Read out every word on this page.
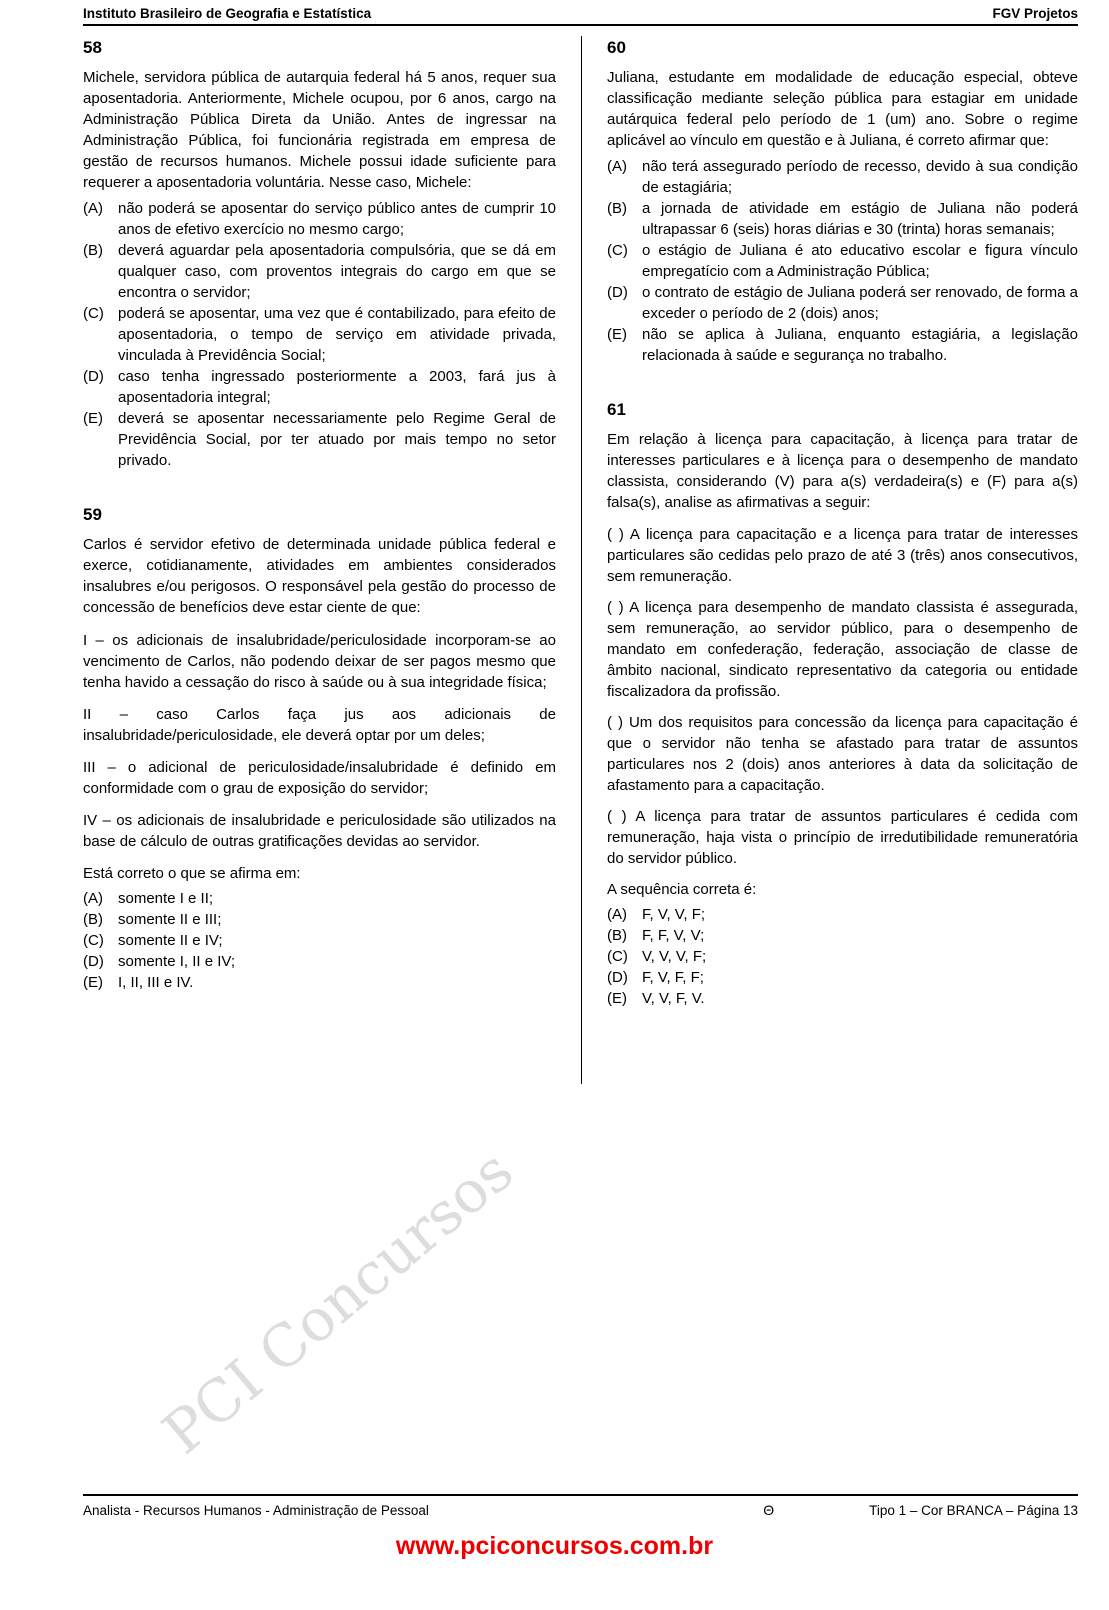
Instituto Brasileiro de Geografia e Estatística	FGV Projetos
58
Michele, servidora pública de autarquia federal há 5 anos, requer sua aposentadoria. Anteriormente, Michele ocupou, por 6 anos, cargo na Administração Pública Direta da União. Antes de ingressar na Administração Pública, foi funcionária registrada em empresa de gestão de recursos humanos. Michele possui idade suficiente para requerer a aposentadoria voluntária. Nesse caso, Michele:
(A)	não poderá se aposentar do serviço público antes de cumprir 10 anos de efetivo exercício no mesmo cargo;
(B)	deverá aguardar pela aposentadoria compulsória, que se dá em qualquer caso, com proventos integrais do cargo em que se encontra o servidor;
(C) poderá se aposentar, uma vez que é contabilizado, para efeito de aposentadoria, o tempo de serviço em atividade privada, vinculada à Previdência Social;
(D) caso tenha ingressado posteriormente a 2003, fará jus à aposentadoria integral;
(E)	deverá se aposentar necessariamente pelo Regime Geral de Previdência Social, por ter atuado por mais tempo no setor privado.
59
Carlos é servidor efetivo de determinada unidade pública federal e exerce, cotidianamente, atividades em ambientes considerados insalubres e/ou perigosos. O responsável pela gestão do processo de concessão de benefícios deve estar ciente de que:
I – os adicionais de insalubridade/periculosidade incorporam-se ao vencimento de Carlos, não podendo deixar de ser pagos mesmo que tenha havido a cessação do risco à saúde ou à sua integridade física;
II – caso Carlos faça jus aos adicionais de insalubridade/periculosidade, ele deverá optar por um deles;
III – o adicional de periculosidade/insalubridade é definido em conformidade com o grau de exposição do servidor;
IV – os adicionais de insalubridade e periculosidade são utilizados na base de cálculo de outras gratificações devidas ao servidor.
Está correto o que se afirma em:
(A)	somente I e II;
(B)	somente II e III;
(C) somente II e IV;
(D) somente I, II e IV;
(E)	I, II, III e IV.
60
Juliana, estudante em modalidade de educação especial, obteve classificação mediante seleção pública para estagiar em unidade autárquica federal pelo período de 1 (um) ano. Sobre o regime aplicável ao vínculo em questão e à Juliana, é correto afirmar que:
(A)	não terá assegurado período de recesso, devido à sua condição de estagiária;
(B)	a jornada de atividade em estágio de Juliana não poderá ultrapassar 6 (seis) horas diárias e 30 (trinta) horas semanais;
(C) o estágio de Juliana é ato educativo escolar e figura vínculo empregatício com a Administração Pública;
(D) o contrato de estágio de Juliana poderá ser renovado, de forma a exceder o período de 2 (dois) anos;
(E)	não se aplica à Juliana, enquanto estagiária, a legislação relacionada à saúde e segurança no trabalho.
61
Em relação à licença para capacitação, à licença para tratar de interesses particulares e à licença para o desempenho de mandato classista, considerando (V) para a(s) verdadeira(s) e (F) para a(s) falsa(s), analise as afirmativas a seguir:
( ) A licença para capacitação e a licença para tratar de interesses particulares são cedidas pelo prazo de até 3 (três) anos consecutivos, sem remuneração.
( ) A licença para desempenho de mandato classista é assegurada, sem remuneração, ao servidor público, para o desempenho de mandato em confederação, federação, associação de classe de âmbito nacional, sindicato representativo da categoria ou entidade fiscalizadora da profissão.
( ) Um dos requisitos para concessão da licença para capacitação é que o servidor não tenha se afastado para tratar de assuntos particulares nos 2 (dois) anos anteriores à data da solicitação de afastamento para a capacitação.
( ) A licença para tratar de assuntos particulares é cedida com remuneração, haja vista o princípio de irredutibilidade remuneratória do servidor público.
A sequência correta é:
(A)	F, V, V, F;
(B)	F, F, V, V;
(C) V, V, V, F;
(D) F, V, F, F;
(E)	V, V, F, V.
PCI Concursos
Analista - Recursos Humanos - Administração de Pessoal	Θ	Tipo 1 – Cor BRANCA – Página 13
www.pciconcursos.com.br
